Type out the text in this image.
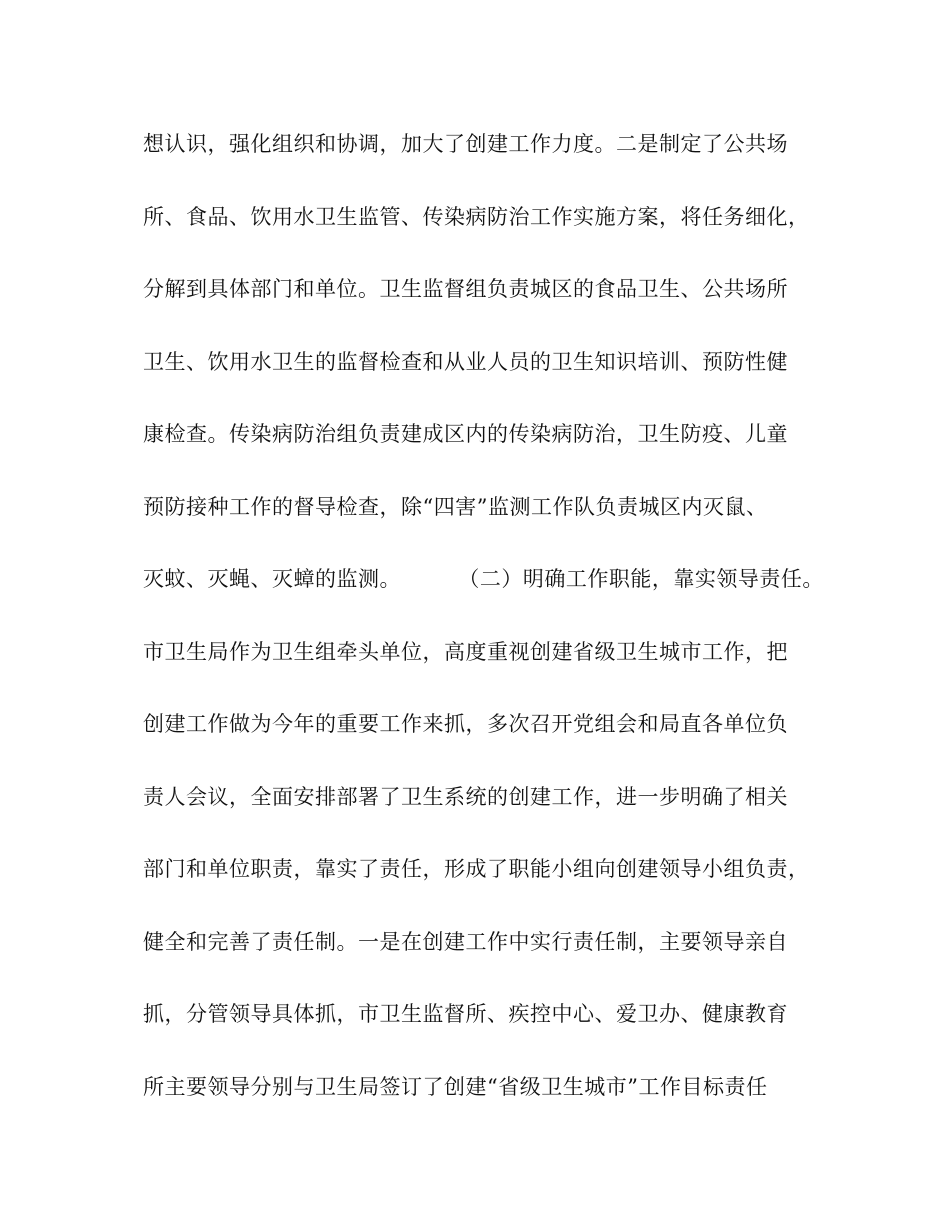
想认识，强化组织和协调，加大了创建工作力度。二是制定了公共场
所、食品、饮用水卫生监管、传染病防治工作实施方案，将任务细化，
分解到具体部门和单位。卫生监督组负责城区的食品卫生、公共场所
卫生、饮用水卫生的监督检查和从业人员的卫生知识培训、预防性健
康检查。传染病防治组负责建成区内的传染病防治，卫生防疫、儿童
预防接种工作的督导检查，除“四害”监测工作队负责城区内灭鼠、
灭蚊、灭蝇、灭蟑的监测。        （二）明确工作职能，靠实领导责任。
市卫生局作为卫生组牵头单位，高度重视创建省级卫生城市工作，把
创建工作做为今年的重要工作来抓，多次召开党组会和局直各单位负
责人会议，全面安排部署了卫生系统的创建工作，进一步明确了相关
部门和单位职责，靠实了责任，形成了职能小组向创建领导小组负责，
健全和完善了责任制。一是在创建工作中实行责任制，主要领导亲自
抓，分管领导具体抓，市卫生监督所、疾控中心、爱卫办、健康教育
所主要领导分别与卫生局签订了创建“省级卫生城市”工作目标责任
